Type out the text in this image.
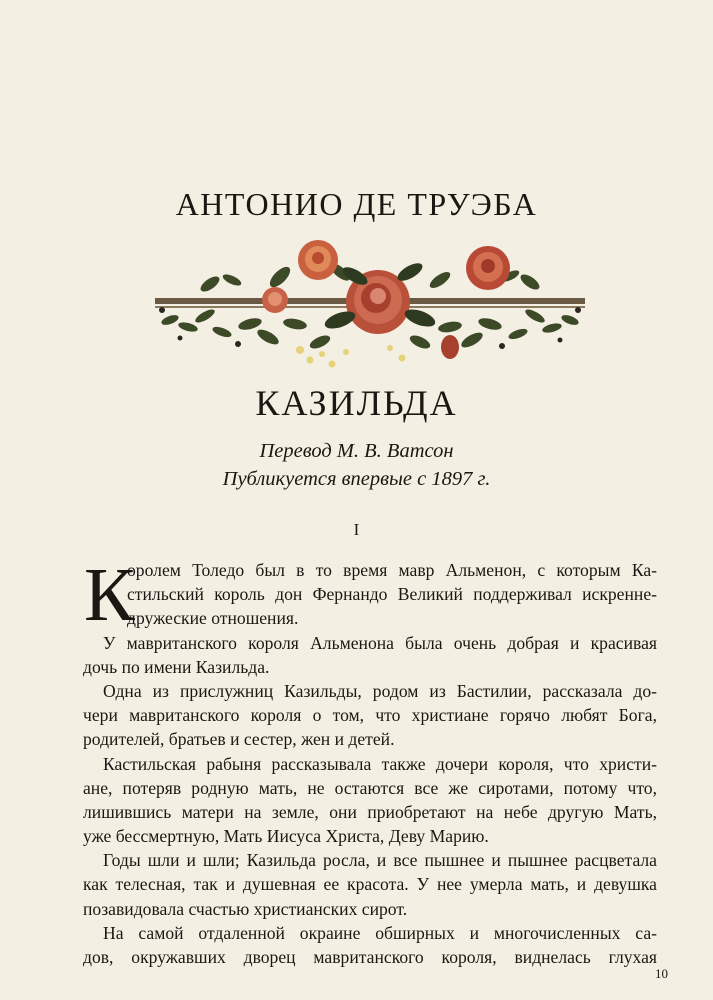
АНТОНИО ДЕ ТРУЭБА
КАЗИЛЬДА
Перевод М. В. Ватсон
Публикуется впервые с 1897 г.
I
К
оролем Толедо был в то время мавр Альменон, с которым Ка-
стильский король дон Фернандо Великий поддерживал искренне-
дружеские отношения.
У мавританского короля Альменона была очень добрая и красивая
дочь по имени Казильда.
Одна из прислужниц Казильды, родом из Бастилии, рассказала до-
чери мавританского короля о том, что христиане горячо любят Бога,
родителей, братьев и сестер, жен и детей.
Кастильская рабыня рассказывала также дочери короля, что христи-
ане, потеряв родную мать, не остаются все же сиротами, потому что,
лишившись матери на земле, они приобретают на небе другую Мать,
уже бессмертную, Мать Иисуса Христа, Деву Марию.
Годы шли и шли; Казильда росла, и все пышнее и пышнее расцветала
как телесная, так и душевная ее красота. У нее умерла мать, и девушка
позавидовала счастью христианских сирот.
На самой отдаленной окраине обширных и многочисленных са-
дов, окружавших дворец мавританского короля, виднелась глухая
10
